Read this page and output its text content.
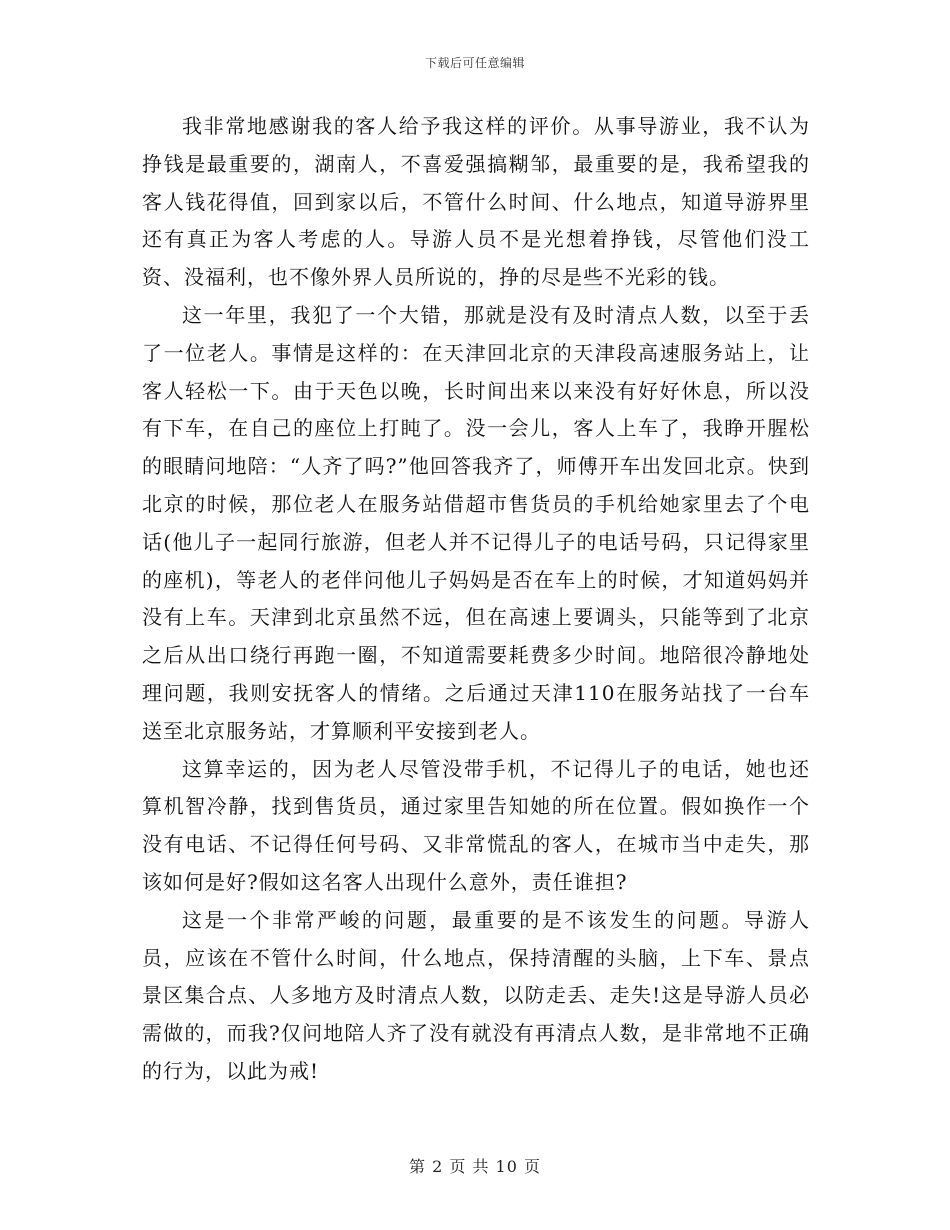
下载后可任意编辑

我非常地感谢我的客人给予我这样的评价。从事导游业，我不认为挣钱是最重要的，湖南人，不喜爱强搞糊邹，最重要的是，我希望我的客人钱花得值，回到家以后，不管什么时间、什么地点，知道导游界里还有真正为客人考虑的人。导游人员不是光想着挣钱，尽管他们没工资、没福利，也不像外界人员所说的，挣的尽是些不光彩的钱。

这一年里，我犯了一个大错，那就是没有及时清点人数，以至于丢了一位老人。事情是这样的：在天津回北京的天津段高速服务站上，让客人轻松一下。由于天色以晚，长时间出来以来没有好好休息，所以没有下车，在自己的座位上打盹了。没一会儿，客人上车了，我睁开腥松的眼睛问地陪：“人齐了吗?”他回答我齐了，师傅开车出发回北京。快到北京的时候，那位老人在服务站借超市售货员的手机给她家里去了个电话(他儿子一起同行旅游，但老人并不记得儿子的电话号码，只记得家里的座机)，等老人的老伴问他儿子妈妈是否在车上的时候，才知道妈妈并没有上车。天津到北京虽然不远，但在高速上要调头，只能等到了北京之后从出口绕行再跑一圈，不知道需要耗费多少时间。地陪很冷静地处理问题，我则安抚客人的情绪。之后通过天津110在服务站找了一台车送至北京服务站，才算顺利平安接到老人。

这算幸运的，因为老人尽管没带手机，不记得儿子的电话，她也还算机智冷静，找到售货员，通过家里告知她的所在位置。假如换作一个没有电话、不记得任何号码、又非常慌乱的客人，在城市当中走失，那该如何是好?假如这名客人出现什么意外，责任谁担?

这是一个非常严峻的问题，最重要的是不该发生的问题。导游人员，应该在不管什么时间，什么地点，保持清醒的头脑，上下车、景点景区集合点、人多地方及时清点人数，以防走丢、走失!这是导游人员必需做的，而我?仅问地陪人齐了没有就没有再清点人数，是非常地不正确的行为，以此为戒!

第 2 页 共 10 页
